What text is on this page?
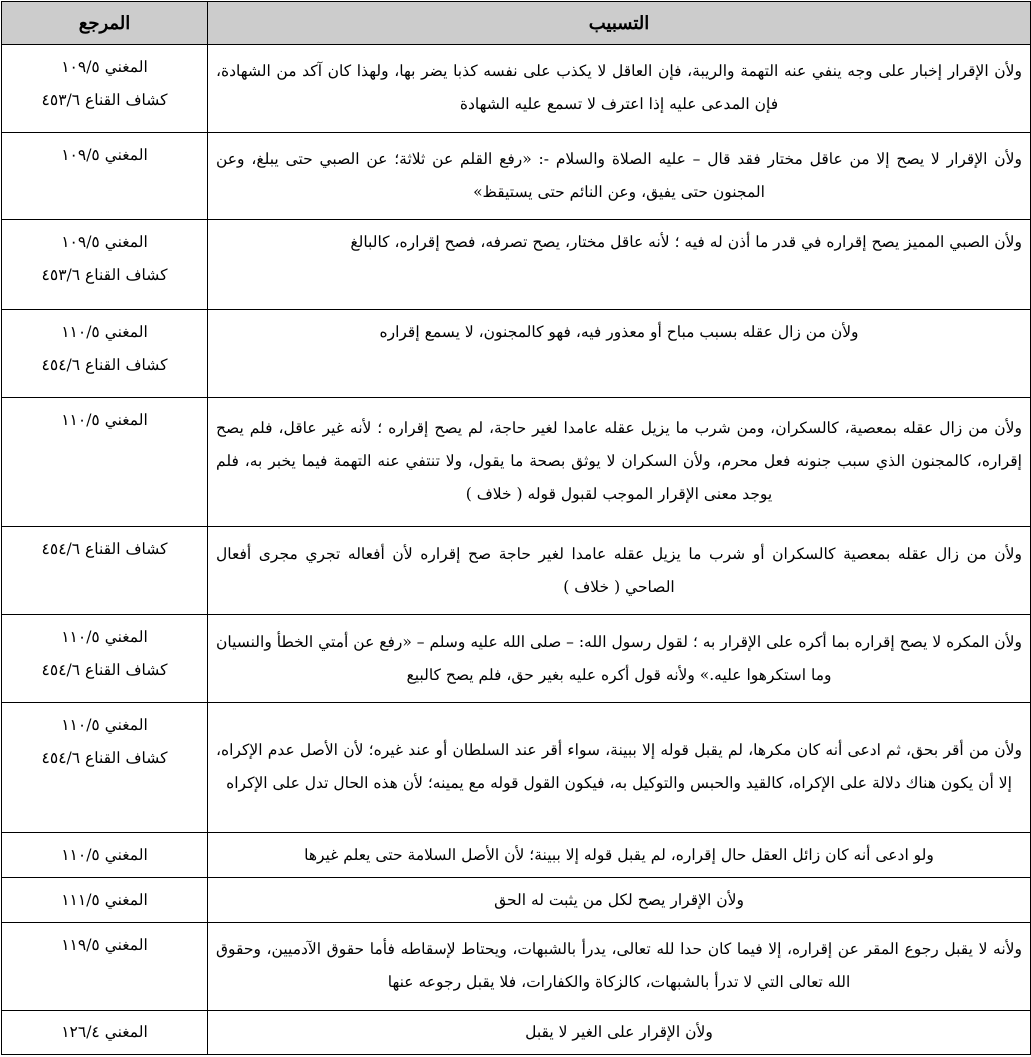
التسبيب	المرجع
ولأن الإقرار إخبار على وجه ينفي عنه التهمة والريبة، فإن العاقل لا يكذب على نفسه كذبا يضر بها، ولهذا كان آكد من الشهادة، فإن المدعى عليه إذا اعترف لا تسمع عليه الشهادة	المغني ١٠٩/٥
كشاف القناع ٤٥٣/٦

ولأن الإقرار لا يصح إلا من عاقل مختار فقد قال – عليه الصلاة والسلام -: «رفع القلم عن ثلاثة؛ عن الصبي حتى يبلغ، وعن المجنون حتى يفيق، وعن النائم حتى يستيقظ»	المغني ١٠٩/٥

ولأن الصبي المميز يصح إقراره في قدر ما أذن له فيه ؛ لأنه عاقل مختار، يصح تصرفه، فصح إقراره، كالبالغ	المغني ١٠٩/٥
كشاف القناع ٤٥٣/٦

ولأن من زال عقله بسبب مباح أو معذور فيه، فهو كالمجنون، لا يسمع إقراره	المغني ١١٠/٥
كشاف القناع ٤٥٤/٦

ولأن من زال عقله بمعصية، كالسكران، ومن شرب ما يزيل عقله عامدا لغير حاجة، لم يصح إقراره ؛ لأنه غير عاقل، فلم يصح إقراره، كالمجنون الذي سبب جنونه فعل محرم، ولأن السكران لا يوثق بصحة ما يقول، ولا تنتفي عنه التهمة فيما يخبر به، فلم يوجد معنى الإقرار الموجب لقبول قوله ( خلاف )	المغني ١١٠/٥

ولأن من زال عقله بمعصية كالسكران أو شرب ما يزيل عقله عامدا لغير حاجة صح إقراره لأن أفعاله تجري مجرى أفعال الصاحي ( خلاف )	كشاف القناع ٤٥٤/٦

ولأن المكره لا يصح إقراره بما أكره على الإقرار به ؛ لقول رسول الله: – صلى الله عليه وسلم – «رفع عن أمتي الخطأ والنسيان وما استكرهوا عليه.» ولأنه قول أكره عليه بغير حق، فلم يصح كالبيع	المغني ١١٠/٥
كشاف القناع ٤٥٤/٦

ولأن من أقر بحق، ثم ادعى أنه كان مكرها، لم يقبل قوله إلا ببينة، سواء أقر عند السلطان أو عند غيره؛ لأن الأصل عدم الإكراه، إلا أن يكون هناك دلالة على الإكراه، كالقيد والحبس والتوكيل به، فيكون القول قوله مع يمينه؛ لأن هذه الحال تدل على الإكراه	المغني ١١٠/٥
كشاف القناع ٤٥٤/٦

ولو ادعى أنه كان زائل العقل حال إقراره، لم يقبل قوله إلا ببينة؛ لأن الأصل السلامة حتى يعلم غيرها	المغني ١١٠/٥

ولأن الإقرار يصح لكل من يثبت له الحق	المغني ١١١/٥

ولأنه لا يقبل رجوع المقر عن إقراره، إلا فيما كان حدا لله تعالى، يدرأ بالشبهات، ويحتاط لإسقاطه فأما حقوق الآدميين، وحقوق الله تعالى التي لا تدرأ بالشبهات، كالزكاة والكفارات، فلا يقبل رجوعه عنها	المغني ١١٩/٥

ولأن الإقرار على الغير لا يقبل	المغني ١٢٦/٤
